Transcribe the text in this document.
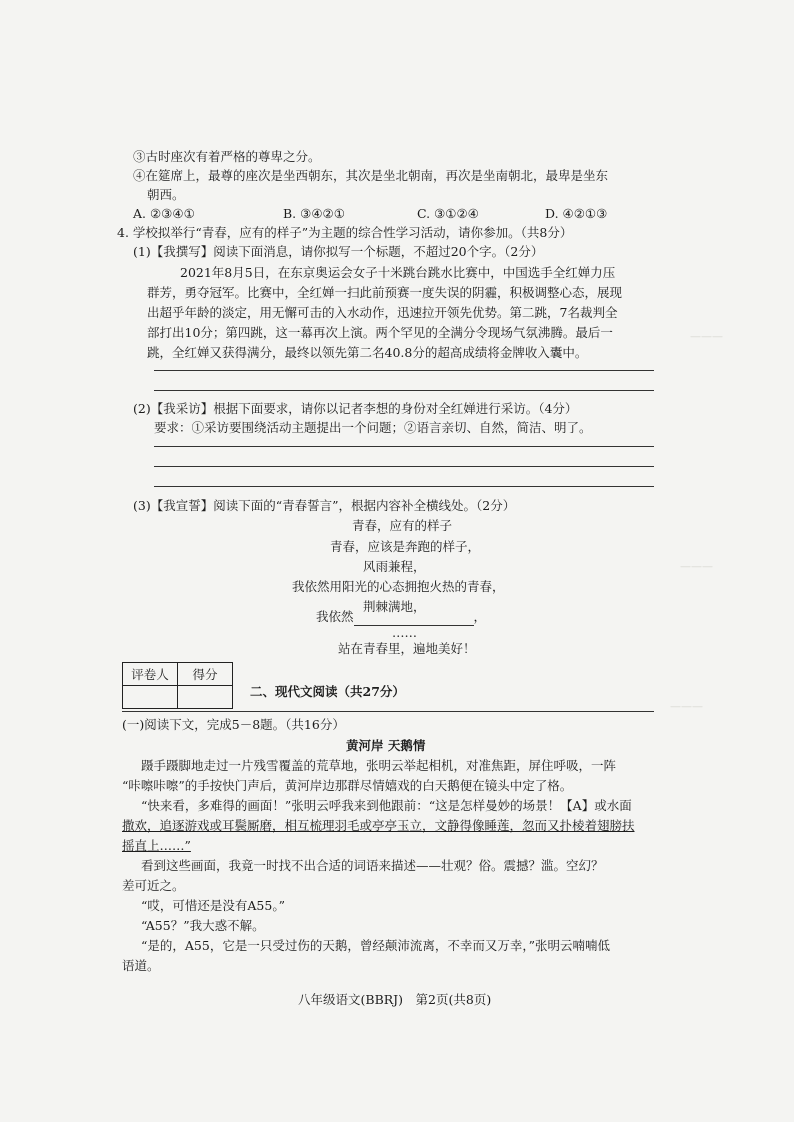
———
———
———
③古时座次有着严格的尊卑之分。
④在筵席上，最尊的座次是坐西朝东，其次是坐北朝南，再次是坐南朝北，最卑是坐东
朝西。
A. ②③④①	B. ③④②①	C. ③①②④	D. ④②①③
4. 学校拟举行“青春，应有的样子”为主题的综合性学习活动，请你参加。（共8分）
(1)【我撰写】阅读下面消息，请你拟写一个标题，不超过20个字。（2分）
2021年8月5日，在东京奥运会女子十米跳台跳水比赛中，中国选手全红婵力压
群芳，勇夺冠军。比赛中，全红婵一扫此前预赛一度失误的阴霾，积极调整心态，展现
出超乎年龄的淡定，用无懈可击的入水动作，迅速拉开领先优势。第二跳，7名裁判全
部打出10分；第四跳，这一幕再次上演。两个罕见的全满分令现场气氛沸腾。最后一
跳，全红婵又获得满分，最终以领先第二名40.8分的超高成绩将金牌收入囊中。
(2)【我采访】根据下面要求，请你以记者李想的身份对全红婵进行采访。（4分）
要求：①采访要围绕活动主题提出一个问题；②语言亲切、自然，简洁、明了。
(3)【我宣誓】阅读下面的“青春誓言”，根据内容补全横线处。（2分）
青春，应有的样子
青春，应该是奔跑的样子，
风雨兼程，
我依然用阳光的心态拥抱火热的青春，
荆棘满地，
我依然	，
……
站在青春里，遍地美好！
评卷人	得分

二、现代文阅读（共27分）
(一)阅读下文，完成5－8题。（共16分）
黄河岸 天鹅情
蹑手蹑脚地走过一片残雪覆盖的荒草地，张明云举起相机，对准焦距，屏住呼吸，一阵
“咔嚓咔嚓”的手按快门声后，黄河岸边那群尽情嬉戏的白天鹅便在镜头中定了格。
“快来看，多难得的画面！”张明云呼我来到他跟前：“这是怎样曼妙的场景！【A】或水面
撒欢，追逐游戏或耳鬓厮磨，相互梳理羽毛或亭亭玉立，文静得像睡莲，忽而又扑棱着翅膀扶
摇直上……”
看到这些画面，我竟一时找不出合适的词语来描述——壮观？俗。震撼？滥。空幻？
差可近之。
“哎，可惜还是没有A55。”
“A55？”我大惑不解。
“是的，A55，它是一只受过伤的天鹅，曾经颠沛流离，不幸而又万幸，”张明云喃喃低
语道。
八年级语文(BBRJ)　第2页(共8页)
